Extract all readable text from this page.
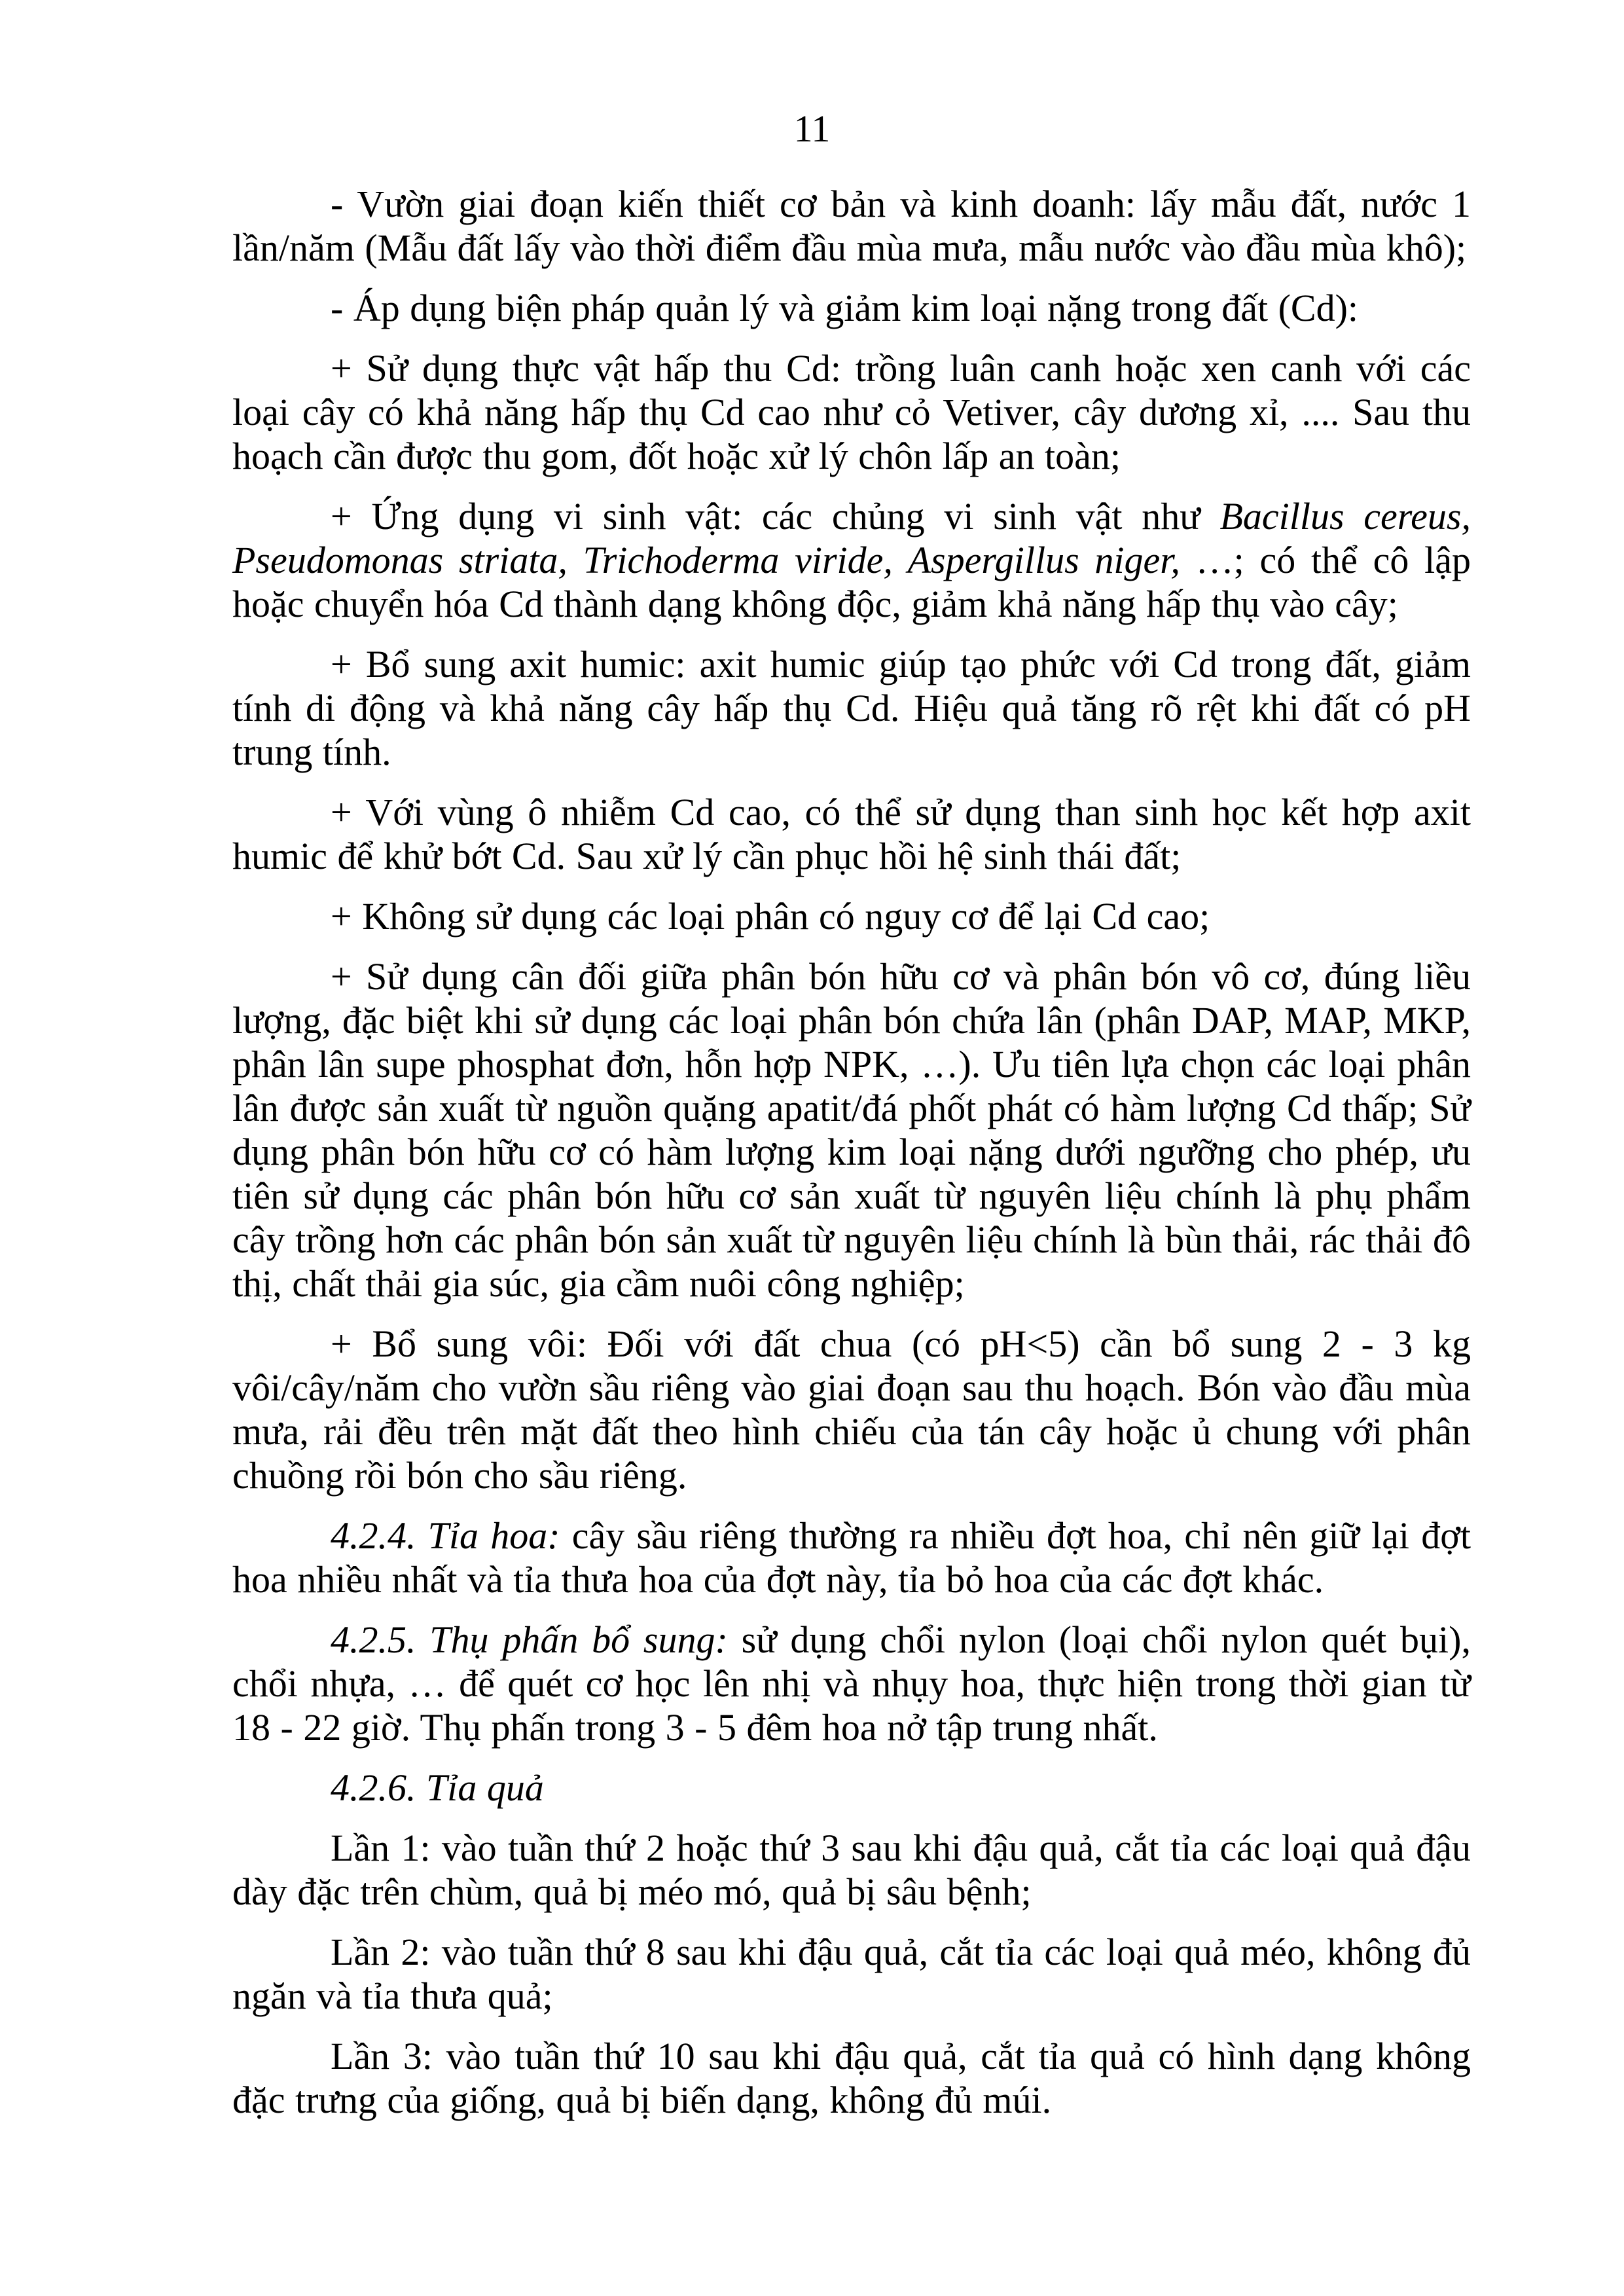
11

- Vườn giai đoạn kiến thiết cơ bản và kinh doanh: lấy mẫu đất, nước 1 lần/năm (Mẫu đất lấy vào thời điểm đầu mùa mưa, mẫu nước vào đầu mùa khô);

- Áp dụng biện pháp quản lý và giảm kim loại nặng trong đất (Cd):

+ Sử dụng thực vật hấp thu Cd: trồng luân canh hoặc xen canh với các loại cây có khả năng hấp thụ Cd cao như cỏ Vetiver, cây dương xỉ, .... Sau thu hoạch cần được thu gom, đốt hoặc xử lý chôn lấp an toàn;

+ Ứng dụng vi sinh vật: các chủng vi sinh vật như Bacillus cereus, Pseudomonas striata, Trichoderma viride, Aspergillus niger, …; có thể cô lập hoặc chuyển hóa Cd thành dạng không độc, giảm khả năng hấp thụ vào cây;

+ Bổ sung axit humic: axit humic giúp tạo phức với Cd trong đất, giảm tính di động và khả năng cây hấp thụ Cd. Hiệu quả tăng rõ rệt khi đất có pH trung tính.

+ Với vùng ô nhiễm Cd cao, có thể sử dụng than sinh học kết hợp axit humic để khử bớt Cd. Sau xử lý cần phục hồi hệ sinh thái đất;

+ Không sử dụng các loại phân có nguy cơ để lại Cd cao;

+ Sử dụng cân đối giữa phân bón hữu cơ và phân bón vô cơ, đúng liều lượng, đặc biệt khi sử dụng các loại phân bón chứa lân (phân DAP, MAP, MKP, phân lân supe phosphat đơn, hỗn hợp NPK, …). Ưu tiên lựa chọn các loại phân lân được sản xuất từ nguồn quặng apatit/đá phốt phát có hàm lượng Cd thấp; Sử dụng phân bón hữu cơ có hàm lượng kim loại nặng dưới ngưỡng cho phép, ưu tiên sử dụng các phân bón hữu cơ sản xuất từ nguyên liệu chính là phụ phẩm cây trồng hơn các phân bón sản xuất từ nguyên liệu chính là bùn thải, rác thải đô thị, chất thải gia súc, gia cầm nuôi công nghiệp;

+ Bổ sung vôi: Đối với đất chua (có pH<5) cần bổ sung 2 - 3 kg vôi/cây/năm cho vườn sầu riêng vào giai đoạn sau thu hoạch. Bón vào đầu mùa mưa, rải đều trên mặt đất theo hình chiếu của tán cây hoặc ủ chung với phân chuồng rồi bón cho sầu riêng.

4.2.4. Tỉa hoa: cây sầu riêng thường ra nhiều đợt hoa, chỉ nên giữ lại đợt hoa nhiều nhất và tỉa thưa hoa của đợt này, tỉa bỏ hoa của các đợt khác.

4.2.5. Thụ phấn bổ sung: sử dụng chổi nylon (loại chổi nylon quét bụi), chổi nhựa, … để quét cơ học lên nhị và nhụy hoa, thực hiện trong thời gian từ 18 - 22 giờ. Thụ phấn trong 3 - 5 đêm hoa nở tập trung nhất.

4.2.6. Tỉa quả

Lần 1: vào tuần thứ 2 hoặc thứ 3 sau khi đậu quả, cắt tỉa các loại quả đậu dày đặc trên chùm, quả bị méo mó, quả bị sâu bệnh;

Lần 2: vào tuần thứ 8 sau khi đậu quả, cắt tỉa các loại quả méo, không đủ ngăn và tỉa thưa quả;

Lần 3: vào tuần thứ 10 sau khi đậu quả, cắt tỉa quả có hình dạng không đặc trưng của giống, quả bị biến dạng, không đủ múi.
